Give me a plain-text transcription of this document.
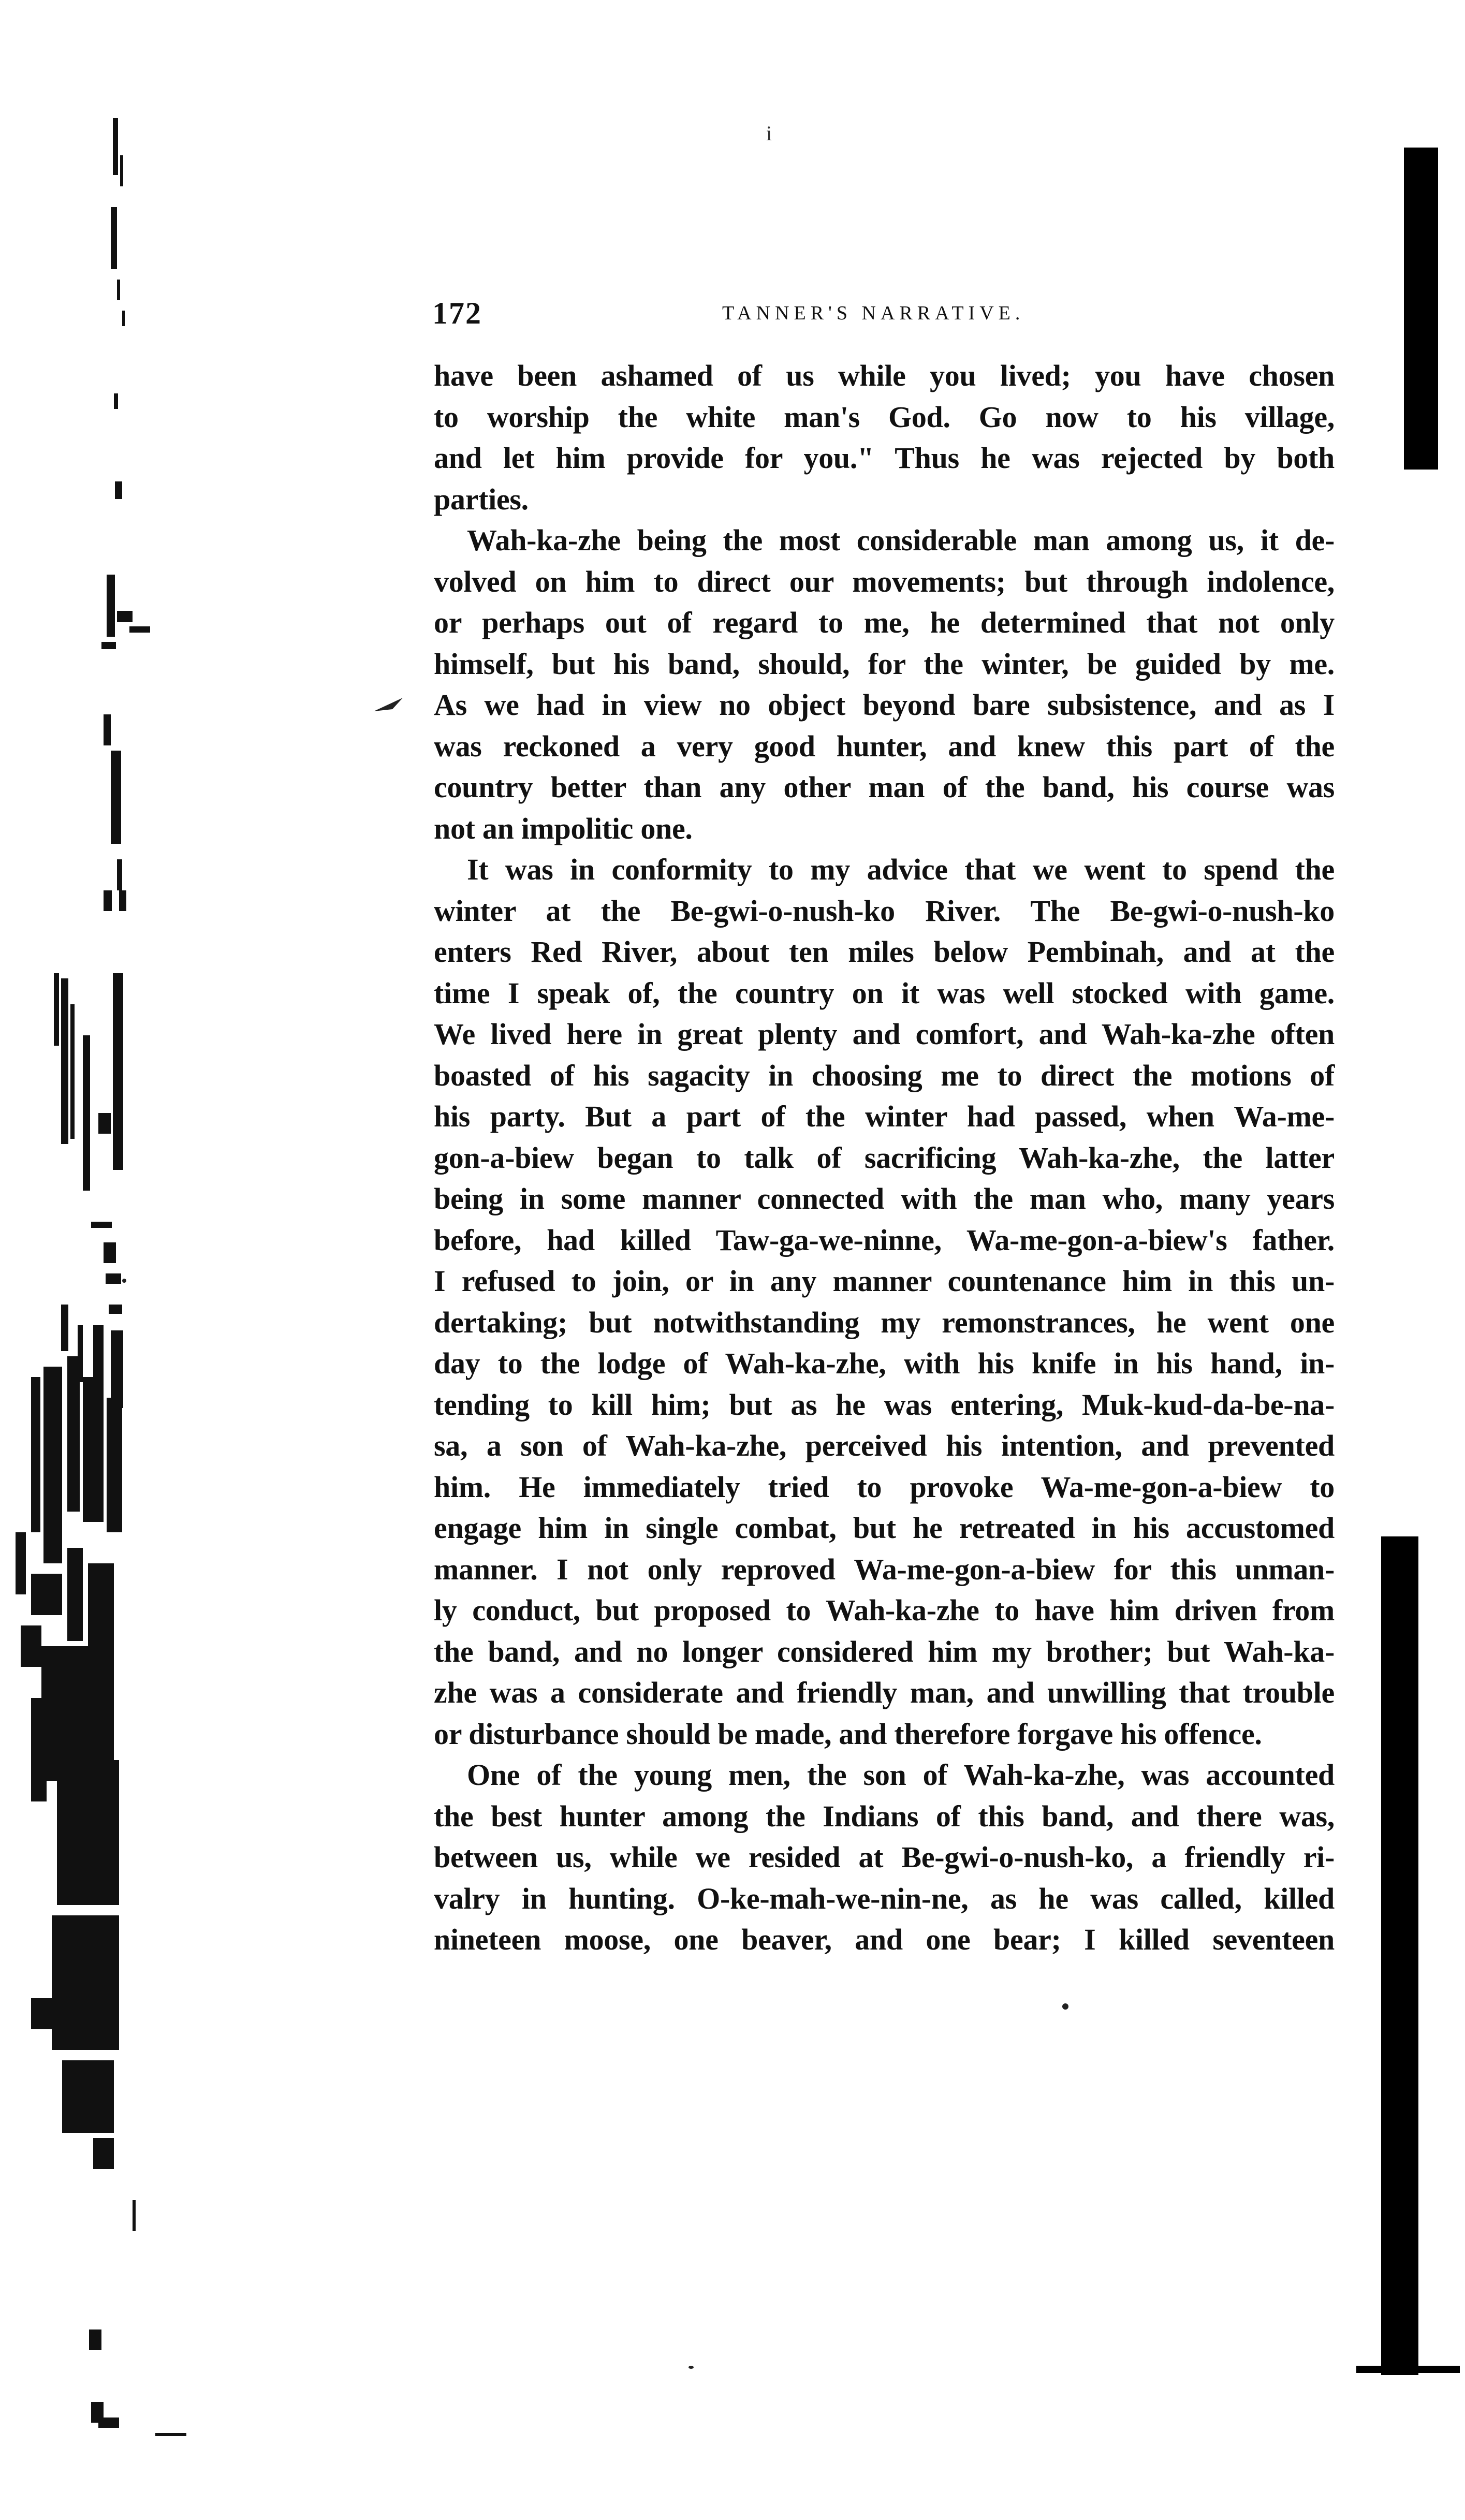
i
172	TANNER'S NARRATIVE.
have been ashamed of us while you lived; you have chosen
to worship the white man's God. Go now to his village,
and let him provide for you." Thus he was rejected by both
parties.
Wah-ka-zhe being the most considerable man among us, it de-
volved on him to direct our movements; but through indolence,
or perhaps out of regard to me, he determined that not only
himself, but his band, should, for the winter, be guided by me.
As we had in view no object beyond bare subsistence, and as I
was reckoned a very good hunter, and knew this part of the
country better than any other man of the band, his course was
not an impolitic one.
It was in conformity to my advice that we went to spend the
winter at the Be-gwi-o-nush-ko River. The Be-gwi-o-nush-ko
enters Red River, about ten miles below Pembinah, and at the
time I speak of, the country on it was well stocked with game.
We lived here in great plenty and comfort, and Wah-ka-zhe often
boasted of his sagacity in choosing me to direct the motions of
his party. But a part of the winter had passed, when Wa-me-
gon-a-biew began to talk of sacrificing Wah-ka-zhe, the latter
being in some manner connected with the man who, many years
before, had killed Taw-ga-we-ninne, Wa-me-gon-a-biew's father.
I refused to join, or in any manner countenance him in this un-
dertaking; but notwithstanding my remonstrances, he went one
day to the lodge of Wah-ka-zhe, with his knife in his hand, in-
tending to kill him; but as he was entering, Muk-kud-da-be-na-
sa, a son of Wah-ka-zhe, perceived his intention, and prevented
him. He immediately tried to provoke Wa-me-gon-a-biew to
engage him in single combat, but he retreated in his accustomed
manner. I not only reproved Wa-me-gon-a-biew for this unman-
ly conduct, but proposed to Wah-ka-zhe to have him driven from
the band, and no longer considered him my brother; but Wah-ka-
zhe was a considerate and friendly man, and unwilling that trouble
or disturbance should be made, and therefore forgave his offence.
One of the young men, the son of Wah-ka-zhe, was accounted
the best hunter among the Indians of this band, and there was,
between us, while we resided at Be-gwi-o-nush-ko, a friendly ri-
valry in hunting. O-ke-mah-we-nin-ne, as he was called, killed
nineteen moose, one beaver, and one bear; I killed seventeen
